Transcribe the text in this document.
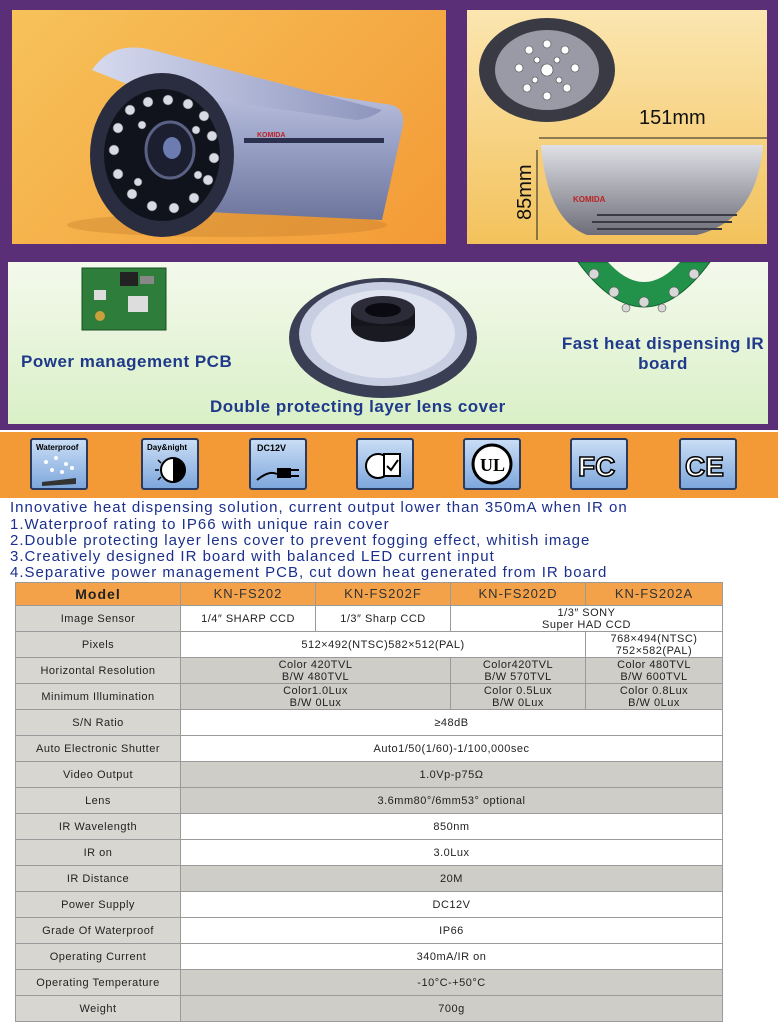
KOMIDA
151mm
85mm	KOMIDA
Power management PCB
Double protecting layer lens cover
Fast heat dispensing IR board
Waterproof	Day&night	DC12V
UL	FC CE
Innovative heat dispensing solution, current output lower than 350mA when IR on
1.Waterproof rating to IP66 with unique rain cover
2.Double protecting layer lens cover to prevent fogging effect, whitish image
3.Creatively designed IR board with balanced LED current input
4.Separative power management PCB, cut down heat generated from IR board
Model	KN-FS202	KN-FS202F	KN-FS202D	KN-FS202A
Image Sensor	1/4″ SHARP CCD	1/3″ Sharp CCD	1/3″ SONY
Super HAD CCD	
Pixels	512×492(NTSC)582×512(PAL)			768×494(NTSC)
752×582(PAL)
Horizontal Resolution	Color 420TVL
B/W 480TVL		Color420TVL
B/W 570TVL	Color 480TVL
B/W 600TVL
Minimum Illumination	Color1.0Lux
B/W 0Lux		Color 0.5Lux
B/W 0Lux	Color 0.8Lux
B/W 0Lux
S/N Ratio	≥48dB			
Auto Electronic Shutter	Auto1/50(1/60)-1/100,000sec			
Video Output	1.0Vp-p75Ω			
Lens	3.6mm80°/6mm53° optional			
IR Wavelength	850nm			
IR on	3.0Lux			
IR Distance	20M			
Power Supply	DC12V			
Grade Of Waterproof	IP66			
Operating Current	340mA/IR on			
Operating Temperature	-10°C-+50°C			
Weight	700g			
